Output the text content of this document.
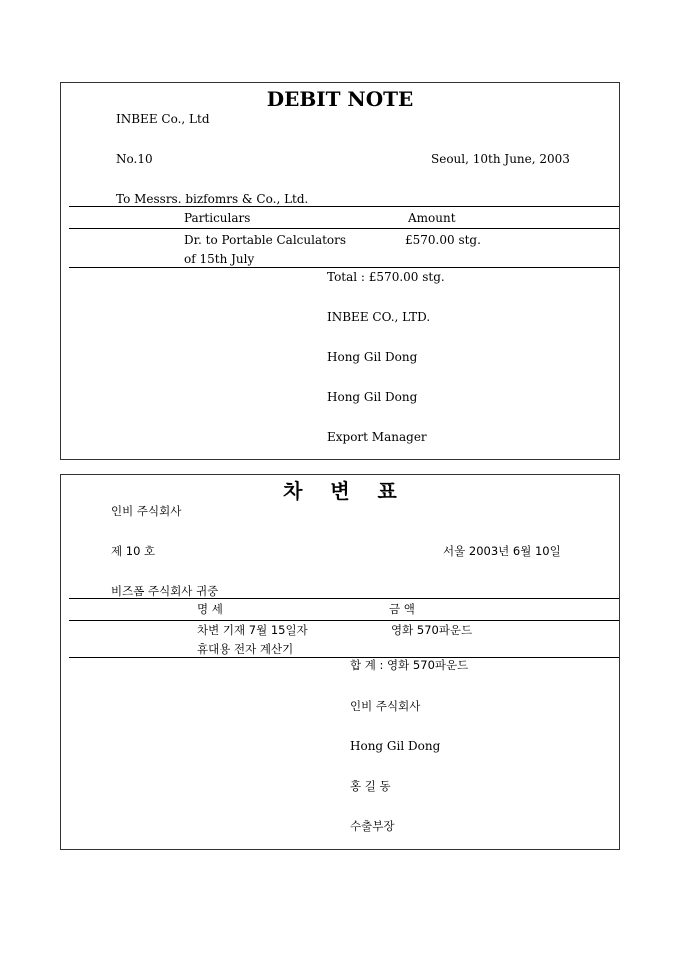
DEBIT NOTE
INBEE Co., Ltd
No.10	Seoul, 10th June, 2003
To Messrs. bizfomrs & Co., Ltd.
Particulars	Amount
Dr. to Portable Calculators	£570.00 stg.
of 15th July
Total : £570.00 stg.
INBEE CO., LTD.
Hong Gil Dong
Hong Gil Dong
Export Manager
차    변    표
인비 주식회사
제 10 호	서울 2003년 6월 10일
비즈폼 주식회사 귀중
명 세	금 액
차변 기재 7월 15일자	영화 570파운드
휴대용 전자 계산기
합 계 : 영화 570파운드
인비 주식회사
Hong Gil Dong
홍 길 동
수출부장
